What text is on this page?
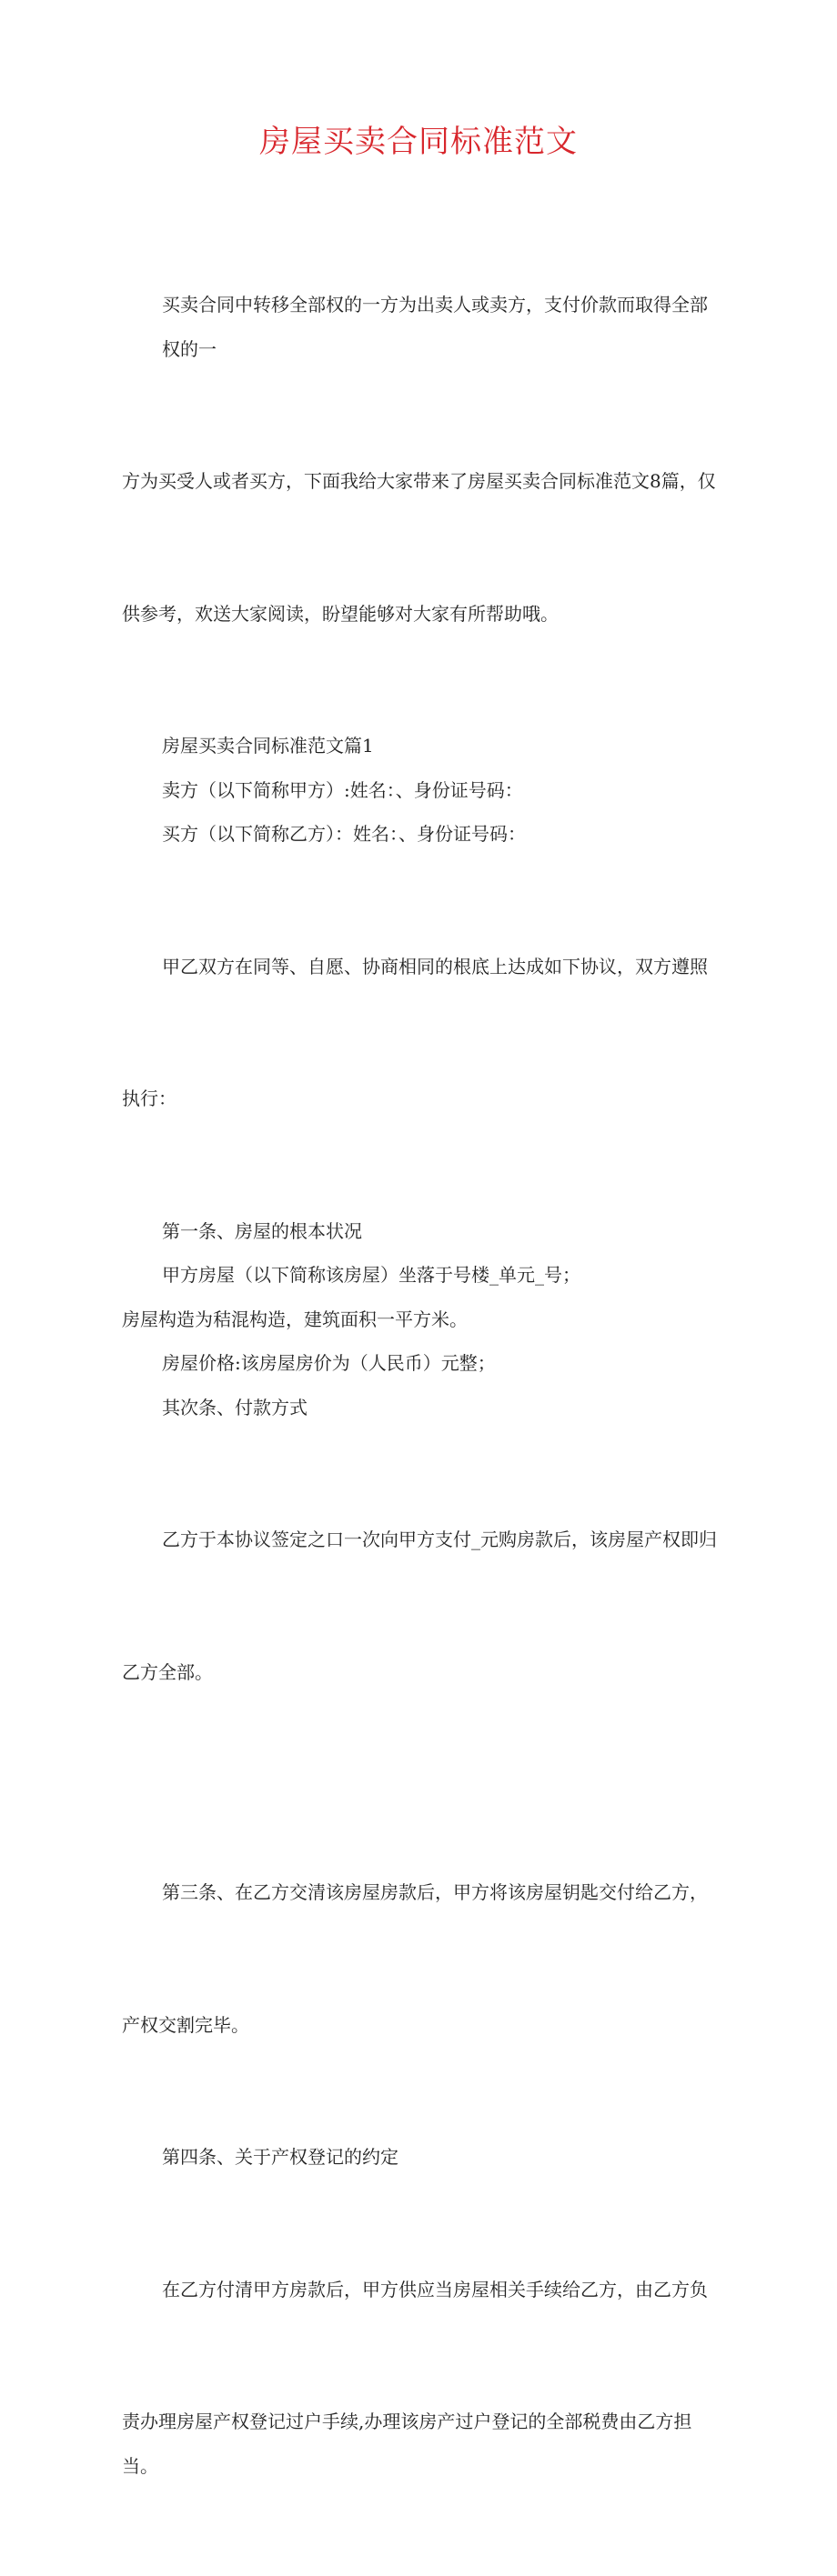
房屋买卖合同标准范文

买卖合同中转移全部权的一方为出卖人或卖方，支付价款而取得全部权的一

方为买受人或者买方，下面我给大家带来了房屋买卖合同标准范文8篇，仅

供参考，欢送大家阅读，盼望能够对大家有所帮助哦。

房屋买卖合同标准范文篇1
卖方（以下简称甲方）:姓名：、身份证号码：
买方（以下简称乙方）：姓名：、身份证号码：

甲乙双方在同等、自愿、协商相同的根底上达成如下协议，双方遵照

执行：

第一条、房屋的根本状况
甲方房屋（以下简称该房屋）坐落于号楼_单元_号；
房屋构造为秸混构造，建筑面积一平方米。
房屋价格:该房屋房价为（人民币）元整；
其次条、付款方式

乙方于本协议签定之口一次向甲方支付_元购房款后，该房屋产权即归

乙方全部。

第三条、在乙方交清该房屋房款后，甲方将该房屋钥匙交付给乙方，

产权交割完毕。

第四条、关于产权登记的约定

在乙方付清甲方房款后，甲方供应当房屋相关手续给乙方，由乙方负

责办理房屋产权登记过户手续,办理该房产过户登记的全部税费由乙方担当。
